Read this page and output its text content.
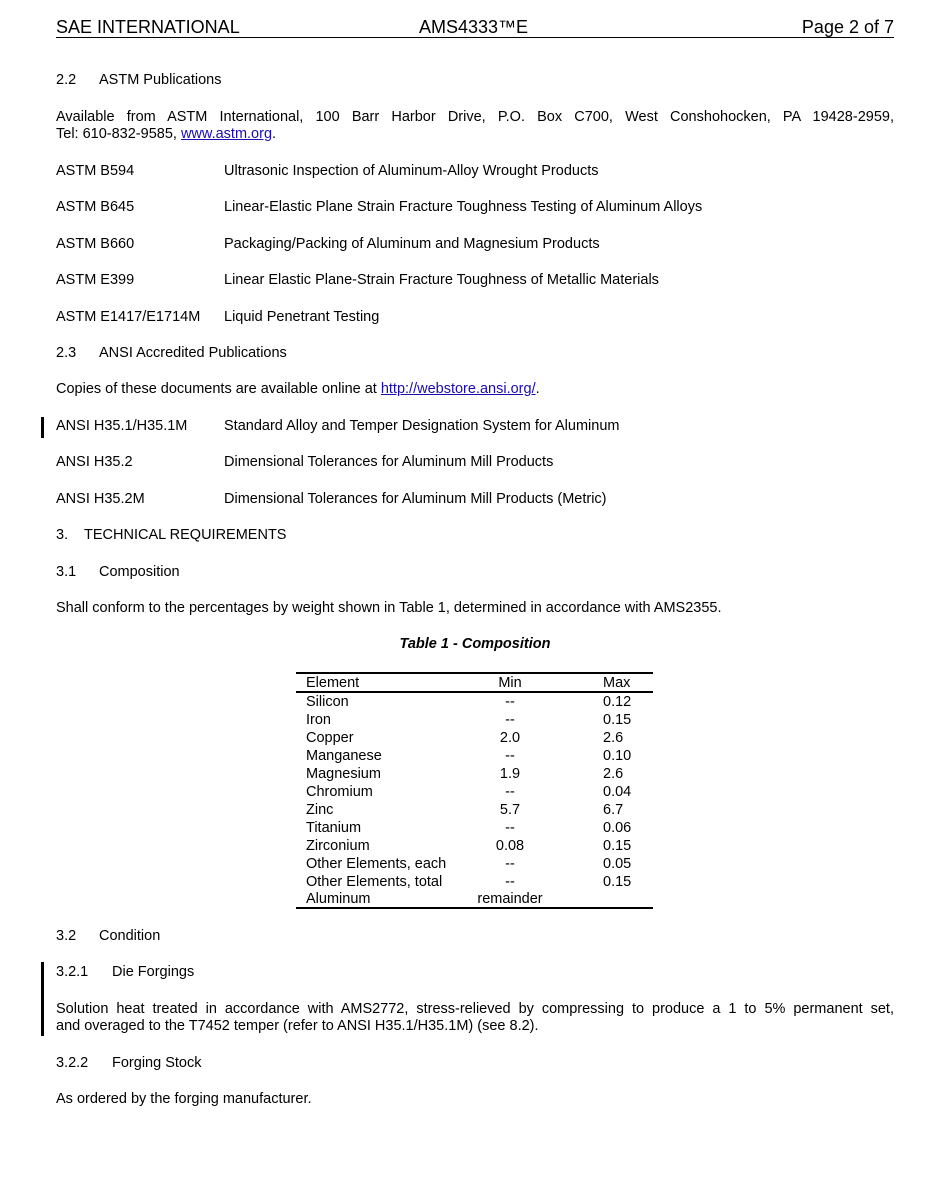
SAE INTERNATIONAL	AMS4333™E	Page 2 of 7
2.2 ASTM Publications
Available from ASTM International, 100 Barr Harbor Drive, P.O. Box C700, West Conshohocken, PA 19428-2959,
Tel: 610-832-9585, www.astm.org.
ASTM B594	Ultrasonic Inspection of Aluminum-Alloy Wrought Products
ASTM B645	Linear-Elastic Plane Strain Fracture Toughness Testing of Aluminum Alloys
ASTM B660	Packaging/Packing of Aluminum and Magnesium Products
ASTM E399	Linear Elastic Plane-Strain Fracture Toughness of Metallic Materials
ASTM E1417/E1714M Liquid Penetrant Testing
2.3 ANSI Accredited Publications
Copies of these documents are available online at http://webstore.ansi.org/.
ANSI H35.1/H35.1M	Standard Alloy and Temper Designation System for Aluminum
ANSI H35.2	Dimensional Tolerances for Aluminum Mill Products
ANSI H35.2M	Dimensional Tolerances for Aluminum Mill Products (Metric)
3. TECHNICAL REQUIREMENTS
3.1 Composition
Shall conform to the percentages by weight shown in Table 1, determined in accordance with AMS2355.
Table 1 - Composition
Element	Min	Max
Silicon	--	0.12
Iron	--	0.15
Copper	2.0	2.6
Manganese	--	0.10
Magnesium	1.9	2.6
Chromium	--	0.04
Zinc	5.7	6.7
Titanium	--	0.06
Zirconium	0.08	0.15
Other Elements, each	--	0.05
Other Elements, total	--	0.15
Aluminum	remainder
3.2 Condition
3.2.1 Die Forgings
Solution heat treated in accordance with AMS2772, stress-relieved by compressing to produce a 1 to 5% permanent set,
and overaged to the T7452 temper (refer to ANSI H35.1/H35.1M) (see 8.2).
3.2.2 Forging Stock
As ordered by the forging manufacturer.
